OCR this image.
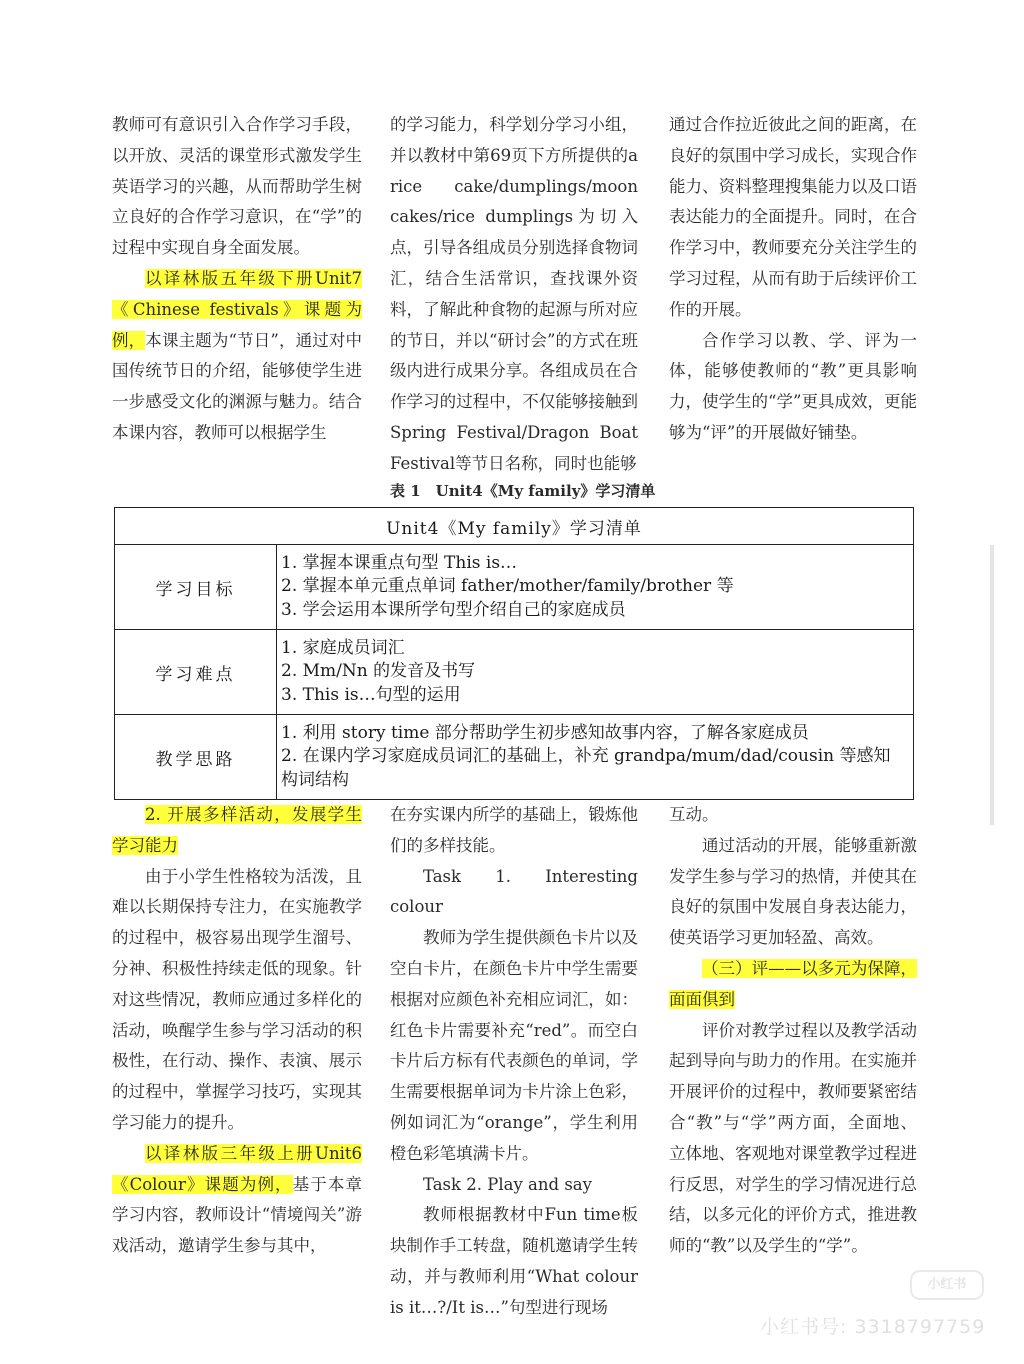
教师可有意识引入合作学习手段，以开放、灵活的课堂形式激发学生英语学习的兴趣，从而帮助学生树立良好的合作学习意识，在“学”的过程中实现自身全面发展。

以译林版五年级下册Unit7《Chinese festivals》课题为例，本课主题为“节日”，通过对中国传统节日的介绍，能够使学生进一步感受文化的渊源与魅力。结合本课内容，教师可以根据学生

的学习能力，科学划分学习小组，并以教材中第69页下方所提供的a rice cake/dumplings/moon cakes/rice dumplings为切入点，引导各组成员分别选择食物词汇，结合生活常识，查找课外资料，了解此种食物的起源与所对应的节日，并以“研讨会”的方式在班级内进行成果分享。各组成员在合作学习的过程中，不仅能够接触到Spring Festival/Dragon Boat Festival等节日名称，同时也能够

通过合作拉近彼此之间的距离，在良好的氛围中学习成长，实现合作能力、资料整理搜集能力以及口语表达能力的全面提升。同时，在合作学习中，教师要充分关注学生的学习过程，从而有助于后续评价工作的开展。

合作学习以教、学、评为一体，能够使教师的“教”更具影响力，使学生的“学”更具成效，更能够为“评”的开展做好铺垫。

表 1　Unit4《My family》学习清单
Unit4《My family》学习清单	
学习目标	1. 掌握本课重点句型 This is…
2. 掌握本单元重点单词 father/mother/family/brother 等
3. 学会运用本课所学句型介绍自己的家庭成员

学习难点	1. 家庭成员词汇
2. Mm/Nn 的发音及书写
3. This is…句型的运用

教学思路	1. 利用 story time 部分帮助学生初步感知故事内容，了解各家庭成员
2. 在课内学习家庭成员词汇的基础上，补充 grandpa/mum/dad/cousin 等感知构词结构

2. 开展多样活动，发展学生学习能力

由于小学生性格较为活泼，且难以长期保持专注力，在实施教学的过程中，极容易出现学生溜号、分神、积极性持续走低的现象。针对这些情况，教师应通过多样化的活动，唤醒学生参与学习活动的积极性，在行动、操作、表演、展示的过程中，掌握学习技巧，实现其学习能力的提升。

以译林版三年级上册Unit6《Colour》课题为例，基于本章学习内容，教师设计“情境闯关”游戏活动，邀请学生参与其中，

在夯实课内所学的基础上，锻炼他们的多样技能。

Task 1. Interesting colour

教师为学生提供颜色卡片以及空白卡片，在颜色卡片中学生需要根据对应颜色补充相应词汇，如：红色卡片需要补充“red”。而空白卡片后方标有代表颜色的单词，学生需要根据单词为卡片涂上色彩，例如词汇为“orange”，学生利用橙色彩笔填满卡片。

Task 2. Play and say

教师根据教材中Fun time板块制作手工转盘，随机邀请学生转动，并与教师利用“What colour is it…?/It is…”句型进行现场

互动。

通过活动的开展，能够重新激发学生参与学习的热情，并使其在良好的氛围中发展自身表达能力，使英语学习更加轻盈、高效。

（三）评——以多元为保障，面面俱到

评价对教学过程以及教学活动起到导向与助力的作用。在实施并开展评价的过程中，教师要紧密结合“教”与“学”两方面，全面地、立体地、客观地对课堂教学过程进行反思，对学生的学习情况进行总结，以多元化的评价方式，推进教师的“教”以及学生的“学”。

小红书
小红书号: 3318797759
